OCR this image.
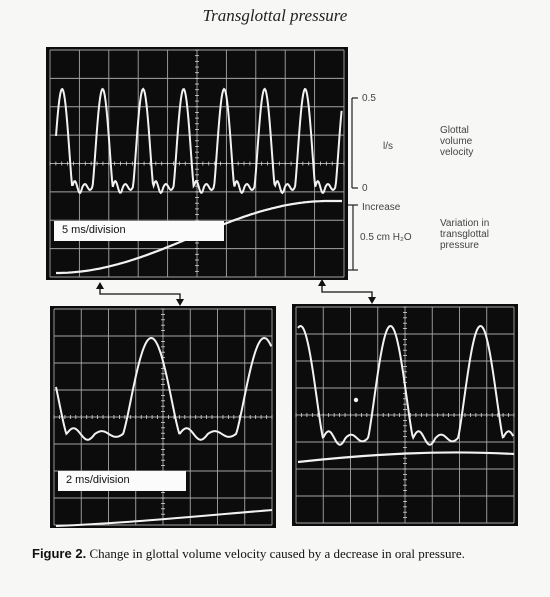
Transglottal pressure
5 ms/division
2 ms/division
0.5
0
l/s
Glottal volume velocity
Increase
0.5 cm H₂O
Variation in transglottal pressure
Figure 2. Change in glottal volume velocity caused by a decrease in oral pressure.
